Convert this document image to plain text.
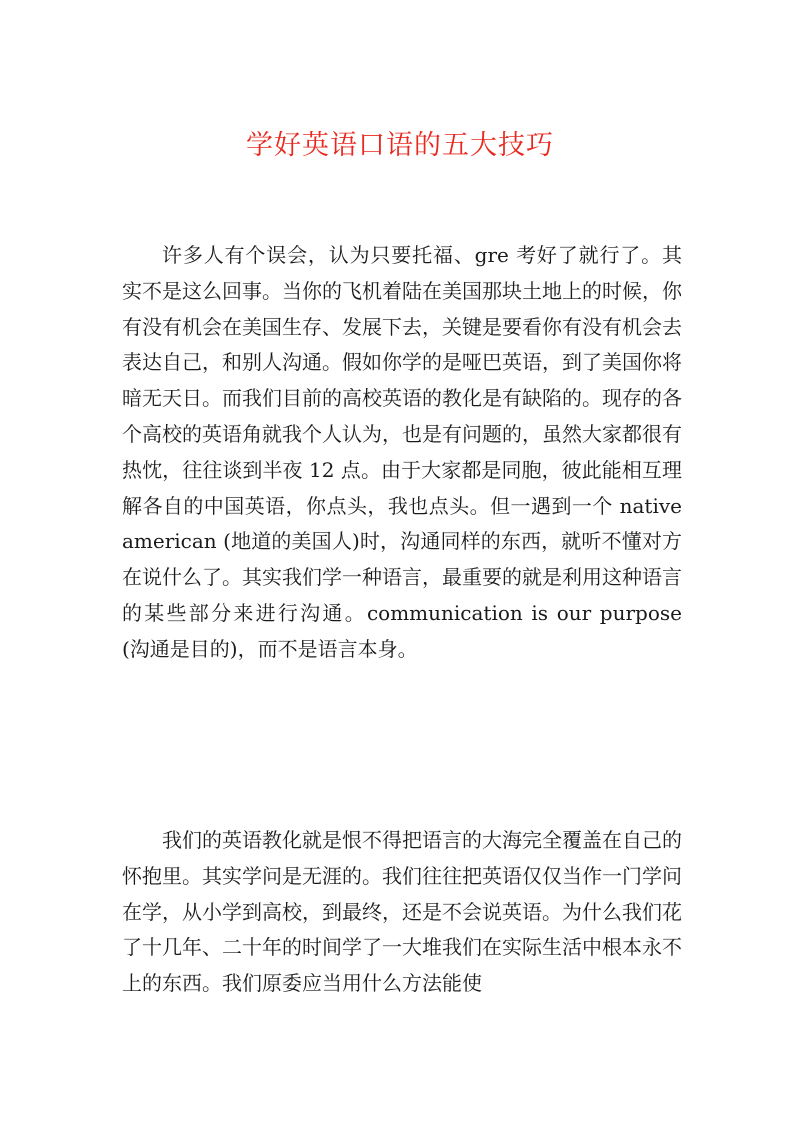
学好英语口语的五大技巧

许多人有个误会，认为只要托福、gre 考好了就行了。其实不是这么回事。当你的飞机着陆在美国那块土地上的时候，你有没有机会在美国生存、发展下去，关键是要看你有没有机会去表达自己，和别人沟通。假如你学的是哑巴英语，到了美国你将暗无天日。而我们目前的高校英语的教化是有缺陷的。现存的各个高校的英语角就我个人认为，也是有问题的，虽然大家都很有热忱，往往谈到半夜 12 点。由于大家都是同胞，彼此能相互理解各自的中国英语，你点头，我也点头。但一遇到一个 native american (地道的美国人)时，沟通同样的东西，就听不懂对方在说什么了。其实我们学一种语言，最重要的就是利用这种语言的某些部分来进行沟通。communication is our purpose (沟通是目的)，而不是语言本身。

我们的英语教化就是恨不得把语言的大海完全覆盖在自己的怀抱里。其实学问是无涯的。我们往往把英语仅仅当作一门学问在学，从小学到高校，到最终，还是不会说英语。为什么我们花了十几年、二十年的时间学了一大堆我们在实际生活中根本永不上的东西。我们原委应当用什么方法能使
